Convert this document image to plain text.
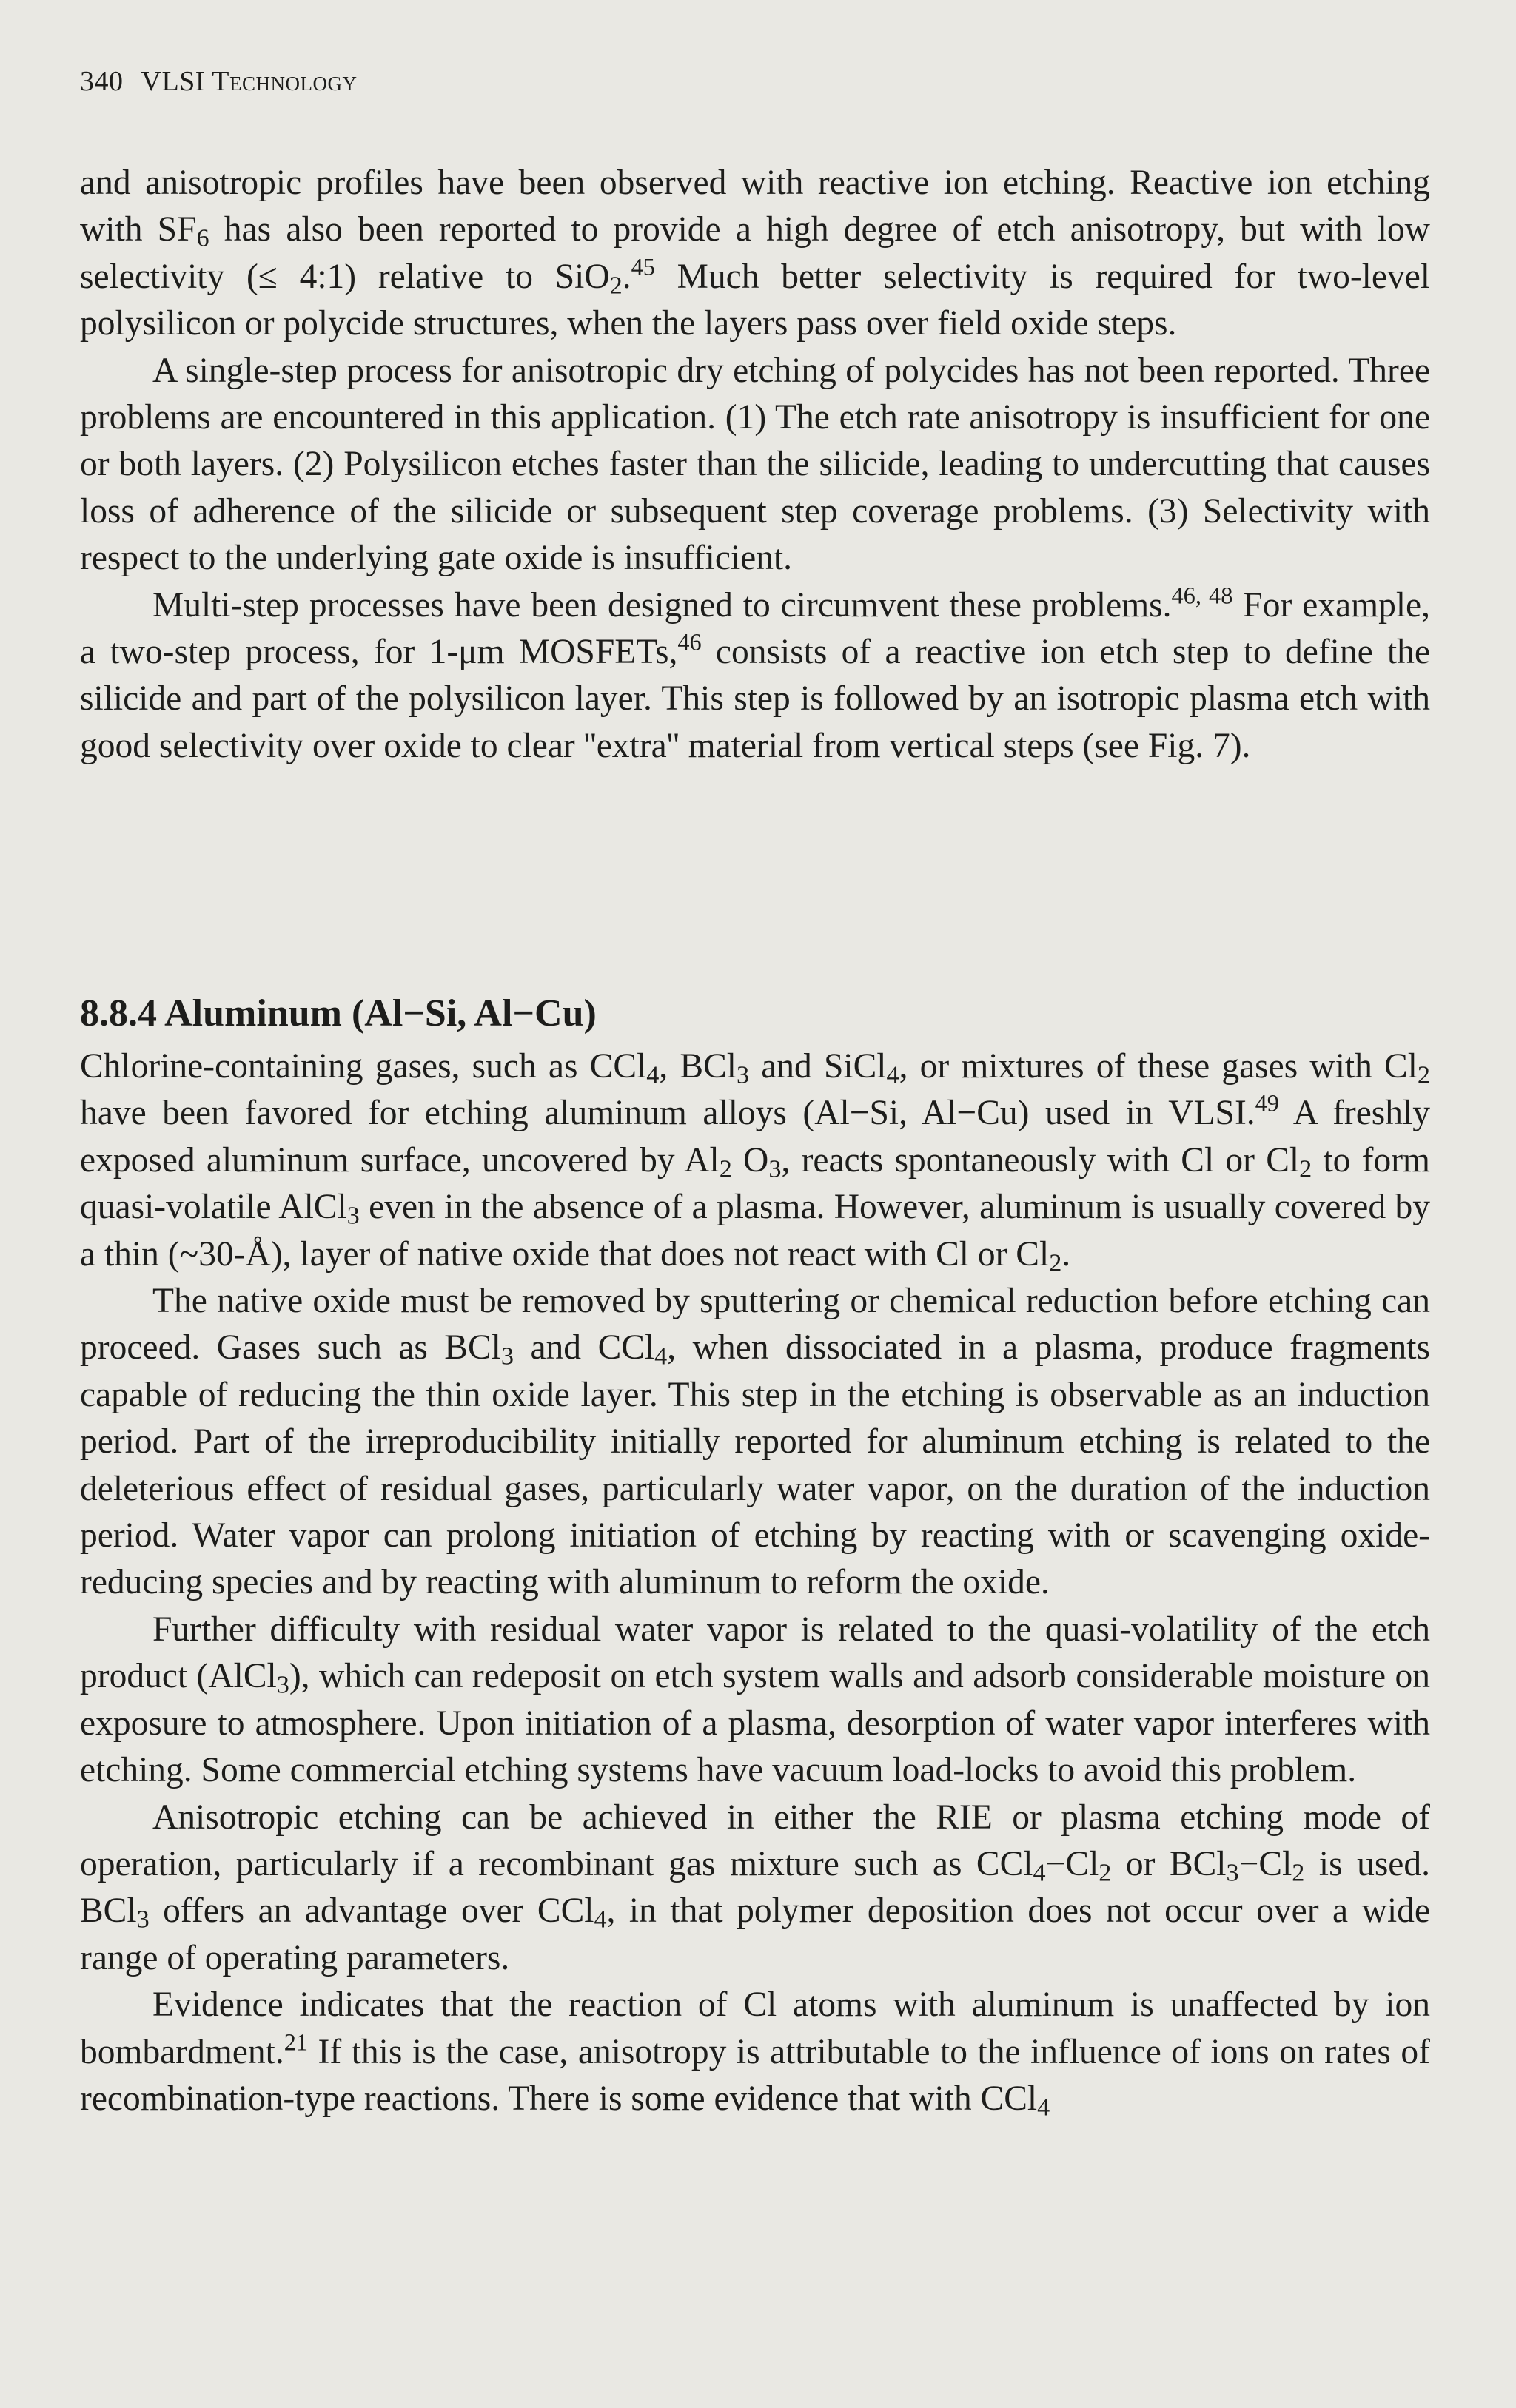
340 VLSI Technology

and anisotropic profiles have been observed with reactive ion etching. Reactive ion etching with $SF_6$ has also been reported to provide a high degree of etch anisotropy, but with low selectivity (≤ 4:1) relative to SiO$_2$.$^{45}$ Much better selectivity is required for two-level polysilicon or polycide structures, when the layers pass over field oxide steps.

A single-step process for anisotropic dry etching of polycides has not been reported. Three problems are encountered in this application. (1) The etch rate anisotropy is insufficient for one or both layers. (2) Polysilicon etches faster than the silicide, leading to undercutting that causes loss of adherence of the silicide or subsequent step coverage problems. (3) Selectivity with respect to the underlying gate oxide is insufficient.

Multi-step processes have been designed to circumvent these problems.$^{46, 48}$ For example, a two-step process, for 1-μm MOSFETs,$^{46}$ consists of a reactive ion etch step to define the silicide and part of the polysilicon layer. This step is followed by an isotropic plasma etch with good selectivity over oxide to clear ''extra'' material from vertical steps (see Fig. 7).

8.8.4 Aluminum (Al−Si, Al−Cu)

Chlorine-containing gases, such as CCl$_4$, BCl$_3$ and SiCl$_4$, or mixtures of these gases with $Cl_2$ have been favored for etching aluminum alloys (Al−Si, Al−Cu) used in VLSI.$^{49}$ A freshly exposed aluminum surface, uncovered by $Al_2$ $O_3$, reacts spontaneously with Cl or $Cl_2$ to form quasi-volatile AlCl$_3$ even in the absence of a plasma. However, aluminum is usually covered by a thin (~30-Å), layer of native oxide that does not react with Cl or $Cl_2$.

The native oxide must be removed by sputtering or chemical reduction before etching can proceed. Gases such as BCl$_3$ and CCl$_4$, when dissociated in a plasma, produce fragments capable of reducing the thin oxide layer. This step in the etching is observable as an induction period. Part of the irreproducibility initially reported for aluminum etching is related to the deleterious effect of residual gases, particularly water vapor, on the duration of the induction period. Water vapor can prolong initiation of etching by reacting with or scavenging oxide-reducing species and by reacting with aluminum to reform the oxide.

Further difficulty with residual water vapor is related to the quasi-volatility of the etch product (AlCl$_3$), which can redeposit on etch system walls and adsorb considerable moisture on exposure to atmosphere. Upon initiation of a plasma, desorption of water vapor interferes with etching. Some commercial etching systems have vacuum load-locks to avoid this problem.

Anisotropic etching can be achieved in either the RIE or plasma etching mode of operation, particularly if a recombinant gas mixture such as $CCl_4-Cl_2$ or $BCl_3-Cl_2$ is used. BCl$_3$ offers an advantage over CCl$_4$, in that polymer deposition does not occur over a wide range of operating parameters.

Evidence indicates that the reaction of Cl atoms with aluminum is unaffected by ion bombardment.$^{21}$ If this is the case, anisotropy is attributable to the influence of ions on rates of recombination-type reactions. There is some evidence that with CCl$_4$
